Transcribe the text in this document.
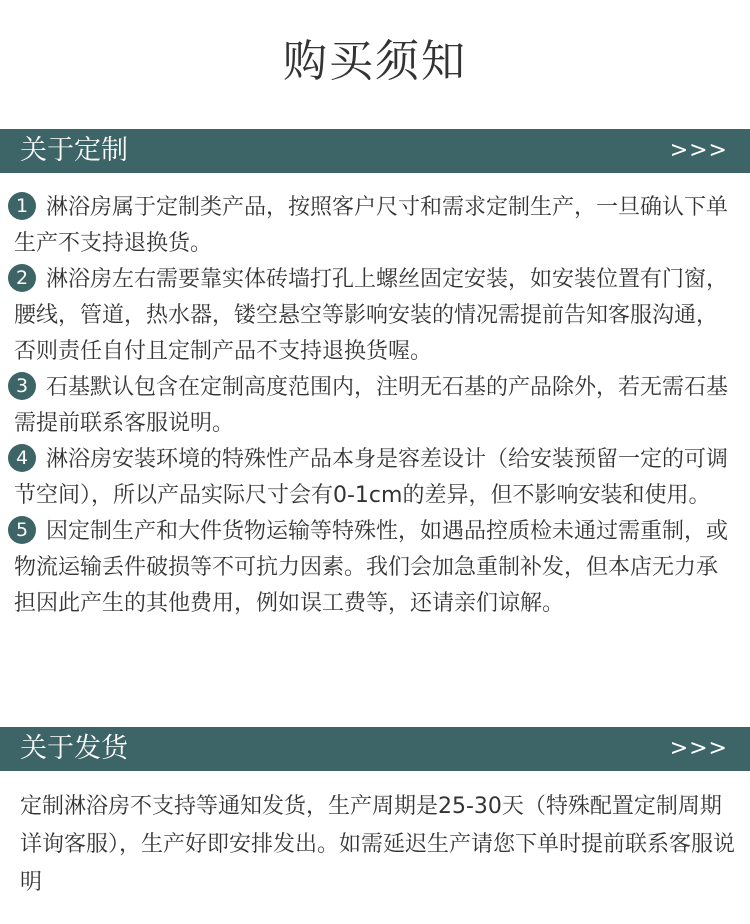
购买须知
关于定制	>>>

1 淋浴房属于定制类产品，按照客户尺寸和需求定制生产，一旦确认下单生产不支持退换货。

2 淋浴房左右需要靠实体砖墙打孔上螺丝固定安装，如安装位置有门窗，腰线，管道，热水器，镂空悬空等影响安装的情况需提前告知客服沟通，否则责任自付且定制产品不支持退换货喔。

3 石基默认包含在定制高度范围内，注明无石基的产品除外，若无需石基需提前联系客服说明。

4 淋浴房安装环境的特殊性产品本身是容差设计（给安装预留一定的可调节空间），所以产品实际尺寸会有0-1cm的差异，但不影响安装和使用。

5 因定制生产和大件货物运输等特殊性，如遇品控质检未通过需重制，或物流运输丢件破损等不可抗力因素。我们会加急重制补发，但本店无力承担因此产生的其他费用，例如误工费等，还请亲们谅解。

关于发货	>>>

定制淋浴房不支持等通知发货，生产周期是25-30天（特殊配置定制周期详询客服），生产好即安排发出。如需延迟生产请您下单时提前联系客服说明
